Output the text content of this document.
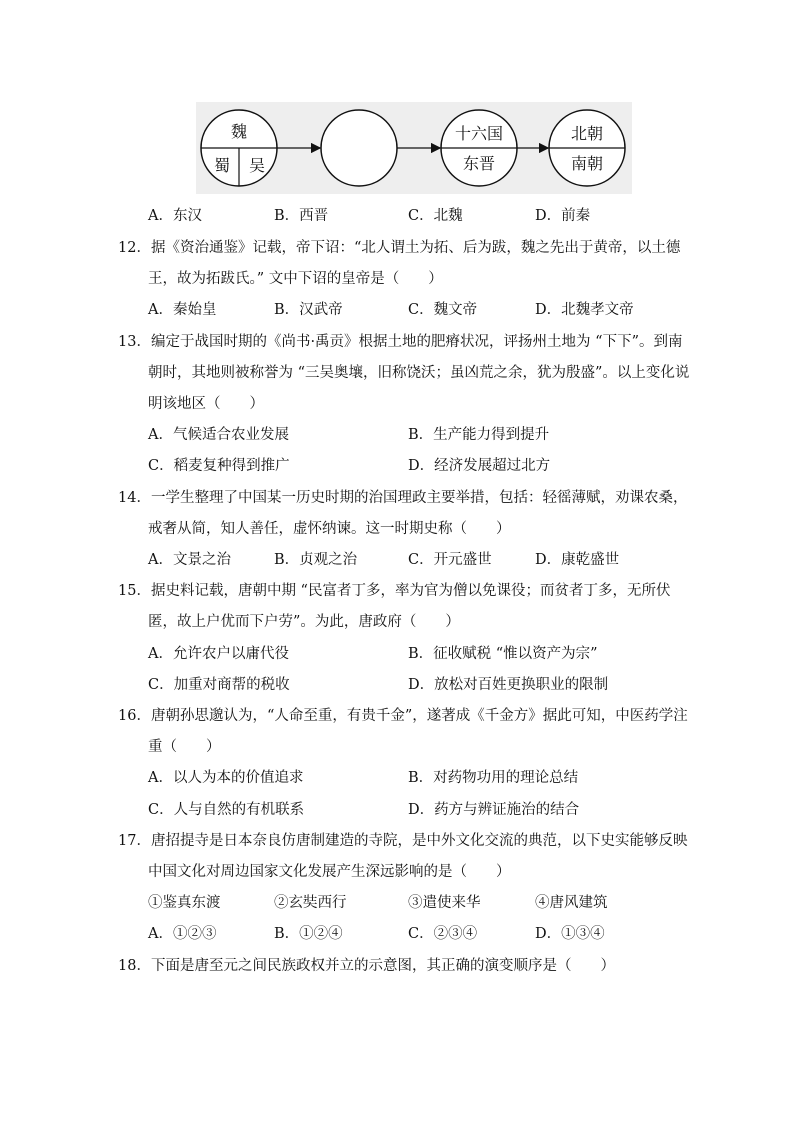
魏
蜀 吴
十六国
东晋
北朝
南朝
A．东汉	B．西晋	C．北魏	D．前秦
12．据《资治通鉴》记载，帝下诏：“北人谓土为拓、后为跋，魏之先出于黄帝，以土德
王，故为拓跋氏。” 文中下诏的皇帝是（　　）
A．秦始皇	B．汉武帝	C．魏文帝	D．北魏孝文帝
13．编定于战国时期的《尚书·禹贡》根据土地的肥瘠状况，评扬州土地为 “下下”。到南
朝时，其地则被称誉为 “三吴奥壤，旧称饶沃；虽凶荒之余，犹为殷盛”。以上变化说
明该地区（　　）
A．气候适合农业发展	B．生产能力得到提升
C．稻麦复种得到推广	D．经济发展超过北方
14．一学生整理了中国某一历史时期的治国理政主要举措，包括：轻徭薄赋，劝课农桑，
戒奢从简，知人善任，虚怀纳谏。这一时期史称（　　）
A．文景之治	B．贞观之治	C．开元盛世	D．康乾盛世
15．据史料记载，唐朝中期 “民富者丁多，率为官为僧以免课役；而贫者丁多，无所伏
匿，故上户优而下户劳”。为此，唐政府（　　）
A．允许农户以庸代役	B．征收赋税 “惟以资产为宗”
C．加重对商帮的税收	D．放松对百姓更换职业的限制
16．唐朝孙思邈认为，“人命至重，有贵千金”，遂著成《千金方》据此可知，中医药学注
重（　　）
A．以人为本的价值追求	B．对药物功用的理论总结
C．人与自然的有机联系	D．药方与辨证施治的结合
17．唐招提寺是日本奈良仿唐制建造的寺院，是中外文化交流的典范，以下史实能够反映
中国文化对周边国家文化发展产生深远影响的是（　　）
①鉴真东渡	②玄奘西行	③遣使来华	④唐风建筑
A．①②③	B．①②④	C．②③④	D．①③④
18．下面是唐至元之间民族政权并立的示意图，其正确的演变顺序是（　　）
